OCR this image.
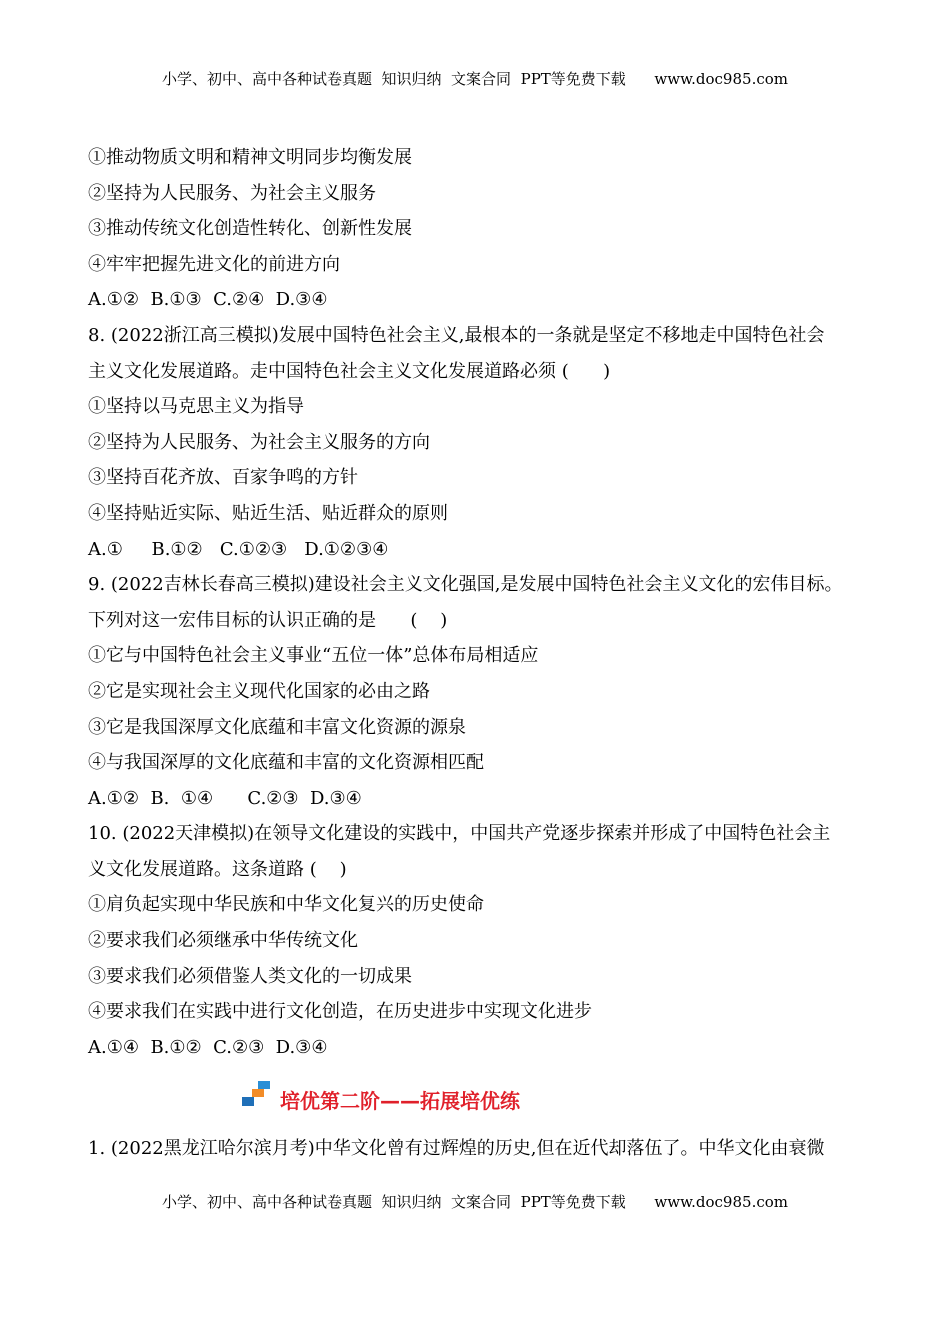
小学、初中、高中各种试卷真题  知识归纳  文案合同  PPT等免费下载      www.doc985.com
①推动物质文明和精神文明同步均衡发展
②坚持为人民服务、为社会主义服务
③推动传统文化创造性转化、创新性发展
④牢牢把握先进文化的前进方向
A.①②  B.①③  C.②④  D.③④
8. (2022浙江高三模拟)发展中国特色社会主义,最根本的一条就是坚定不移地走中国特色社会
主义文化发展道路。走中国特色社会主义文化发展道路必须 (      )
①坚持以马克思主义为指导
②坚持为人民服务、为社会主义服务的方向
③坚持百花齐放、百家争鸣的方针
④坚持贴近实际、贴近生活、贴近群众的原则
A.①     B.①②   C.①②③   D.①②③④
9. (2022吉林长春高三模拟)建设社会主义文化强国,是发展中国特色社会主义文化的宏伟目标。
下列对这一宏伟目标的认识正确的是      (    )
①它与中国特色社会主义事业“五位一体”总体布局相适应
②它是实现社会主义现代化国家的必由之路
③它是我国深厚文化底蕴和丰富文化资源的源泉
④与我国深厚的文化底蕴和丰富的文化资源相匹配
A.①②  B.  ①④      C.②③  D.③④
10. (2022天津模拟)在领导文化建设的实践中，中国共产党逐步探索并形成了中国特色社会主
义文化发展道路。这条道路 (    )
①肩负起实现中华民族和中华文化复兴的历史使命
②要求我们必须继承中华传统文化
③要求我们必须借鉴人类文化的一切成果
④要求我们在实践中进行文化创造，在历史进步中实现文化进步
A.①④  B.①②  C.②③  D.③④
培优第二阶——拓展培优练
1. (2022黑龙江哈尔滨月考)中华文化曾有过辉煌的历史,但在近代却落伍了。中华文化由衰微
小学、初中、高中各种试卷真题  知识归纳  文案合同  PPT等免费下载      www.doc985.com
